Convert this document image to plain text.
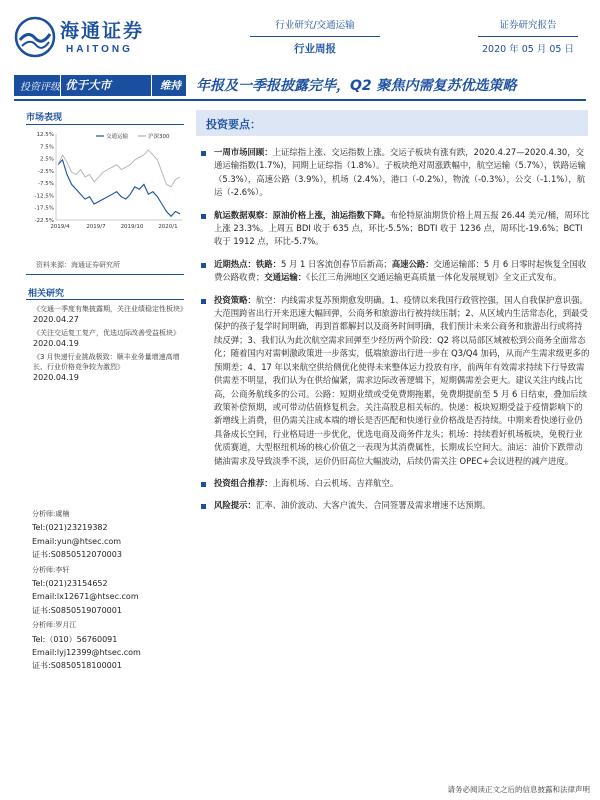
海通证券
HAITONG
行业研究/交通运输
行业周报
证券研究报告
2020 年 05 月 05 日
投资评级 优于大市	维持 年报及一季报披露完毕，Q2 聚焦内需复苏优选策略
市场表现
12.5%
7.5%
2.5%
-2.5%
-7.5%
-12.5%
-17.5%
-22.5%
2019/4	2019/7	2019/10	2020/1
交通运输	沪深300
资料来源：海通证券研究所
相关研究
《交通一季度有集披露期，关注业绩稳定性板块》
2020.04.27
《关注交运复工复产，优选边际改善受益板块》
2020.04.19
《3 月快递行业挑战极致：顺丰业务量增速高增长、行业价格竞争较为激烈》
2020.04.19
分析师:虞楠
Tel:(021)23219382
Email:yun@htsec.com
证书:S0850512070003
分析师:李轩
Tel:(021)23154652
Email:lx12671@htsec.com
证书:S0850519070001
分析师:罗月江
Tel:（010）56760091
Email:lyj12399@htsec.com
证书:S0850518100001
投资要点：
一周市场回顾：上证综指上涨、交运指数上涨。交运子板块有涨有跌，2020.4.27—2020.4.30，交通运输指数(1.7%)，同期上证综指（1.8%）。子板块绝对周涨跌幅中，航空运输（5.7%），铁路运输（5.3%），高速公路（3.9%），机场（2.4%），港口（-0.2%），物流（-0.3%），公交（-1.1%），航运（-2.6%）。
航运数据观察：原油价格上涨，油运指数下降。布伦特原油期货价格上周五报 26.44 美元/桶，周环比上涨 23.3%。上周五 BDI 收于 635 点，环比-5.5%；BDTI 收于 1236 点，周环比-19.6%；BCTI 收于 1912 点，环比-5.7%。
近期热点：铁路：5 月 1 日客流创春节后新高；高速公路：交通运输部：5 月 6 日零时起恢复全国收费公路收费；交通运输：《长江三角洲地区交通运输更高质量一体化发展规划》全文正式发布。
投资策略：航空：内线需求复苏预期愈发明确。1、疫情以来我国行政管控强，国人自我保护意识强。大范围跨省出行开来迅速大幅回弹，公商务和旅游出行被持续压制；2、从区域内生活常态化，到最受保护的孩子复学时间明确，再到首都解封以及商务时间明确，我们预计未来公商务和旅游出行或将持续反弹；3、我们认为此次航空需求回弹至少经历两个阶段：Q2 将以局部区域被松到公商务全面常态化；随着国内对需刺激政策进一步落实，低端旅游出行进一步在 Q3/Q4 加码，从而产生需求级更多的预期差；4、17 年以来航空供给侧优化使得未来整体运力投放有序，前两年有效需求持续下行导致需供需差不明显，我们认为在供给偏紧，需求边际改善逻辑下，短期偶需差会更大。建议关注内线占比高，公商务航线多的公司。公路：短期业绩或受免费期拖累，免费期提前至 5 月 6 日结束，叠加后续政策补偿预期，或可带动估值修复机会。关注高股息相关标的。快递：板块短期受益于疫情影响下的新增线上消费，但仍需关注成本端的增长是否匹配和快递行业价格战是否持续。中期来看快递行业仍具备成长空间，行业格局进一步优化，优选电商及商务件龙头；机场：持续看好机场板块，免税行业优质赛道，大型枢纽机场的核心价值之一表现为其消费属性，长期成长空间大。油运：油价下跌带动储油需求及导致淡季不淡，运价仍旧高位大幅波动，后续仍需关注 OPEC+会议进程的减产进度。
投资组合推荐：上海机场、白云机场、吉祥航空。
风险提示：汇率、油价波动、大客户流失、合同签署及需求增速不达预期。
请务必阅读正文之后的信息披露和法律声明
